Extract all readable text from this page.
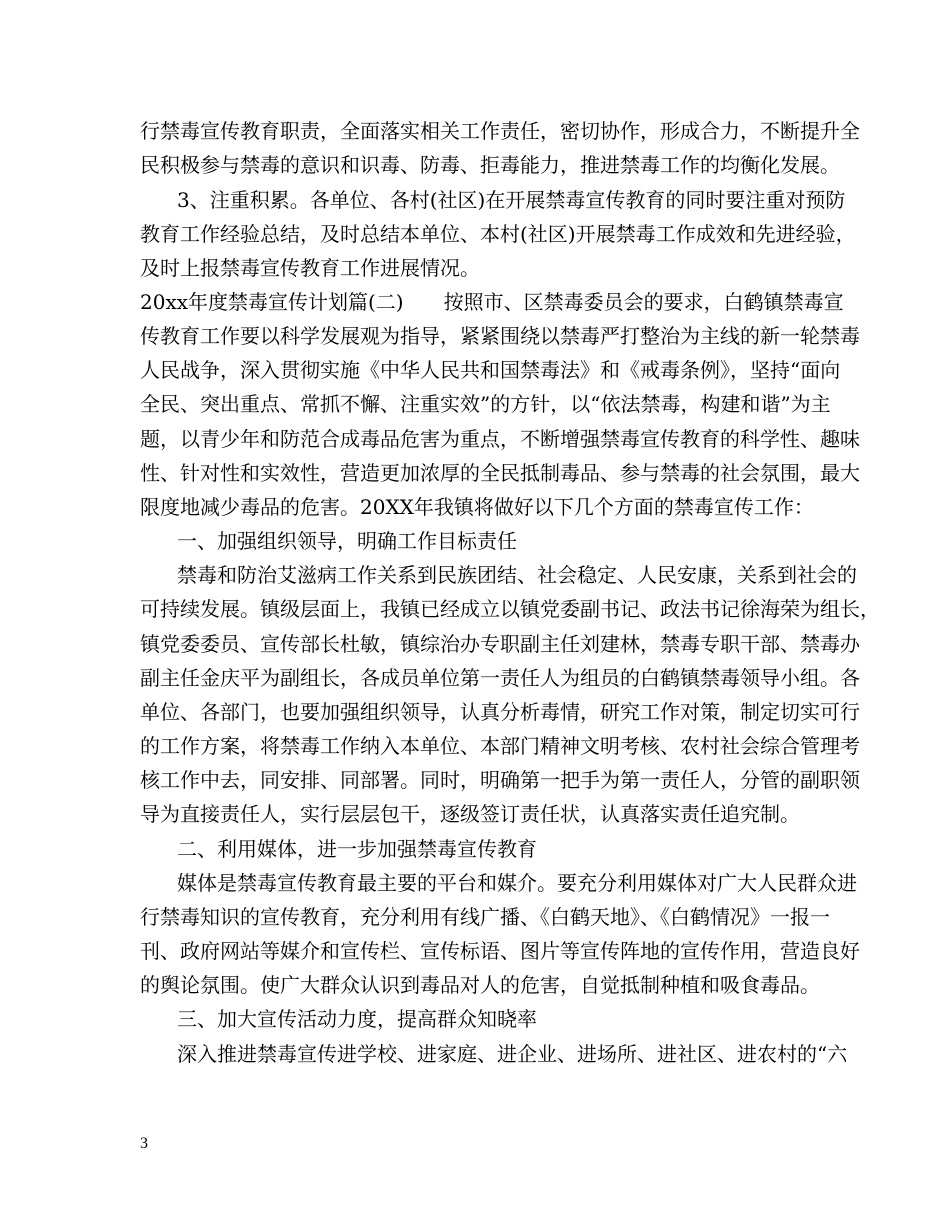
行禁毒宣传教育职责，全面落实相关工作责任，密切协作，形成合力，不断提升全
民积极参与禁毒的意识和识毒、防毒、拒毒能力，推进禁毒工作的均衡化发展。
3、注重积累。各单位、各村(社区)在开展禁毒宣传教育的同时要注重对预防
教育工作经验总结，及时总结本单位、本村(社区)开展禁毒工作成效和先进经验，
及时上报禁毒宣传教育工作进展情况。
20xx年度禁毒宣传计划篇(二)　　按照市、区禁毒委员会的要求，白鹤镇禁毒宣
传教育工作要以科学发展观为指导，紧紧围绕以禁毒严打整治为主线的新一轮禁毒
人民战争，深入贯彻实施《中华人民共和国禁毒法》和《戒毒条例》，坚持“面向
全民、突出重点、常抓不懈、注重实效”的方针，以“依法禁毒，构建和谐”为主
题，以青少年和防范合成毒品危害为重点，不断增强禁毒宣传教育的科学性、趣味
性、针对性和实效性，营造更加浓厚的全民抵制毒品、参与禁毒的社会氛围，最大
限度地减少毒品的危害。20XX年我镇将做好以下几个方面的禁毒宣传工作：
一、加强组织领导，明确工作目标责任
禁毒和防治艾滋病工作关系到民族团结、社会稳定、人民安康，关系到社会的
可持续发展。镇级层面上，我镇已经成立以镇党委副书记、政法书记徐海荣为组长，
镇党委委员、宣传部长杜敏，镇综治办专职副主任刘建林，禁毒专职干部、禁毒办
副主任金庆平为副组长，各成员单位第一责任人为组员的白鹤镇禁毒领导小组。各
单位、各部门，也要加强组织领导，认真分析毒情，研究工作对策，制定切实可行
的工作方案，将禁毒工作纳入本单位、本部门精神文明考核、农村社会综合管理考
核工作中去，同安排、同部署。同时，明确第一把手为第一责任人，分管的副职领
导为直接责任人，实行层层包干，逐级签订责任状，认真落实责任追究制。
二、利用媒体，进一步加强禁毒宣传教育
媒体是禁毒宣传教育最主要的平台和媒介。要充分利用媒体对广大人民群众进
行禁毒知识的宣传教育，充分利用有线广播、《白鹤天地》、《白鹤情况》一报一
刊、政府网站等媒介和宣传栏、宣传标语、图片等宣传阵地的宣传作用，营造良好
的舆论氛围。使广大群众认识到毒品对人的危害，自觉抵制种植和吸食毒品。
三、加大宣传活动力度，提高群众知晓率
深入推进禁毒宣传进学校、进家庭、进企业、进场所、进社区、进农村的“六
3
